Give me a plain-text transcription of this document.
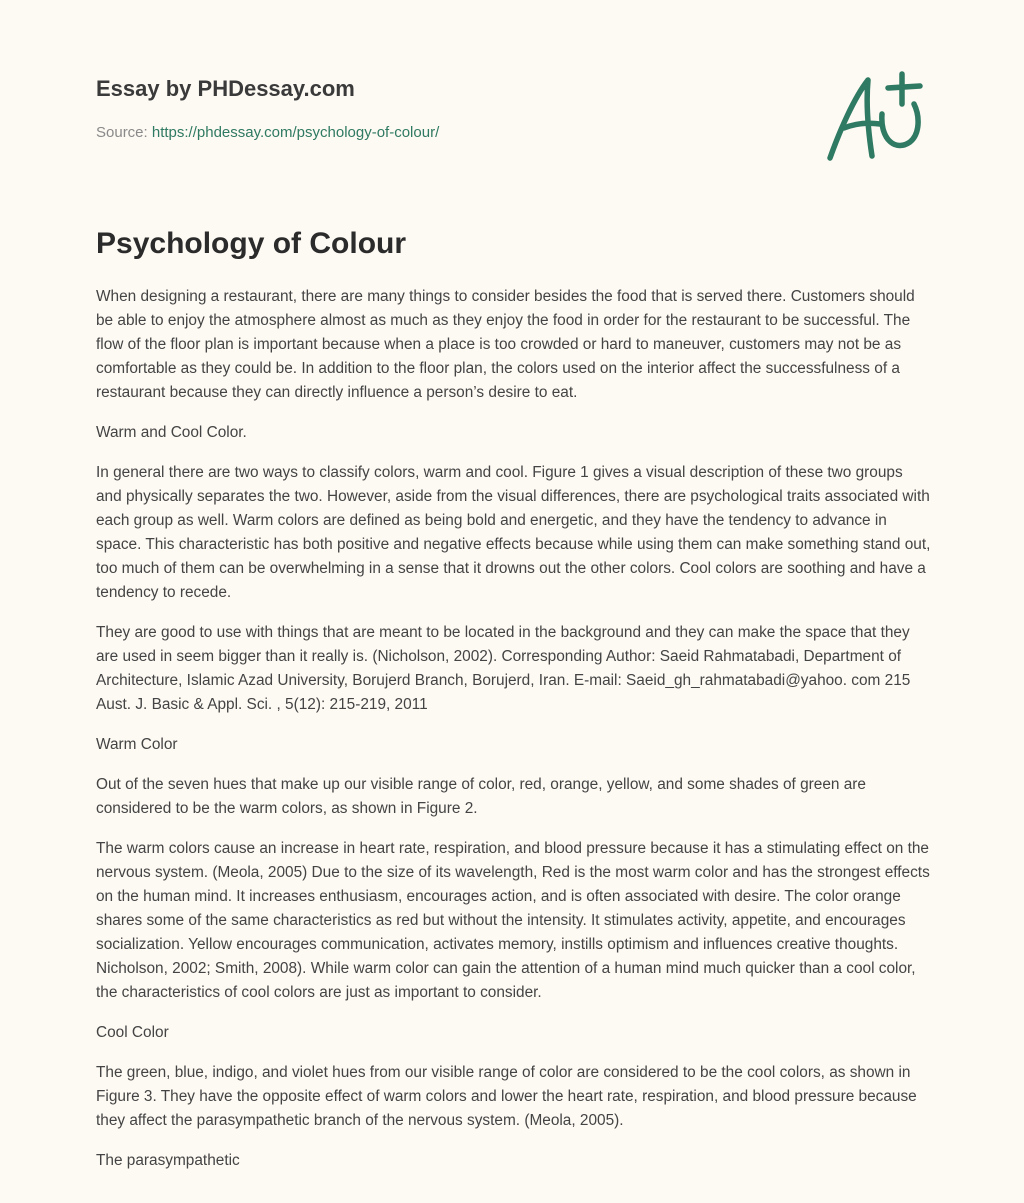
Essay by PHDessay.com
Source: https://phdessay.com/psychology-of-colour/
Psychology of Colour

When designing a restaurant, there are many things to consider besides the food that is served there. Customers should be able to enjoy the atmosphere almost as much as they enjoy the food in order for the restaurant to be successful. The flow of the floor plan is important because when a place is too crowded or hard to maneuver, customers may not be as comfortable as they could be. In addition to the floor plan, the colors used on the interior affect the successfulness of a restaurant because they can directly influence a person’s desire to eat.

Warm and Cool Color.

In general there are two ways to classify colors, warm and cool. Figure 1 gives a visual description of these two groups and physically separates the two. However, aside from the visual differences, there are psychological traits associated with each group as well. Warm colors are defined as being bold and energetic, and they have the tendency to advance in space. This characteristic has both positive and negative effects because while using them can make something stand out, too much of them can be overwhelming in a sense that it drowns out the other colors. Cool colors are soothing and have a tendency to recede.

They are good to use with things that are meant to be located in the background and they can make the space that they are used in seem bigger than it really is. (Nicholson, 2002). Corresponding Author: Saeid Rahmatabadi, Department of Architecture, Islamic Azad University, Borujerd Branch, Borujerd, Iran. E-mail: Saeid_gh_rahmatabadi@yahoo. com 215 Aust. J. Basic & Appl. Sci. , 5(12): 215-219, 2011

Warm Color

Out of the seven hues that make up our visible range of color, red, orange, yellow, and some shades of green are considered to be the warm colors, as shown in Figure 2.

The warm colors cause an increase in heart rate, respiration, and blood pressure because it has a stimulating effect on the nervous system. (Meola, 2005) Due to the size of its wavelength, Red is the most warm color and has the strongest effects on the human mind. It increases enthusiasm, encourages action, and is often associated with desire. The color orange shares some of the same characteristics as red but without the intensity. It stimulates activity, appetite, and encourages socialization. Yellow encourages communication, activates memory, instills optimism and influences creative thoughts. Nicholson, 2002; Smith, 2008). While warm color can gain the attention of a human mind much quicker than a cool color, the characteristics of cool colors are just as important to consider.

Cool Color

The green, blue, indigo, and violet hues from our visible range of color are considered to be the cool colors, as shown in Figure 3. They have the opposite effect of warm colors and lower the heart rate, respiration, and blood pressure because they affect the parasympathetic branch of the nervous system. (Meola, 2005).

The parasympathetic
